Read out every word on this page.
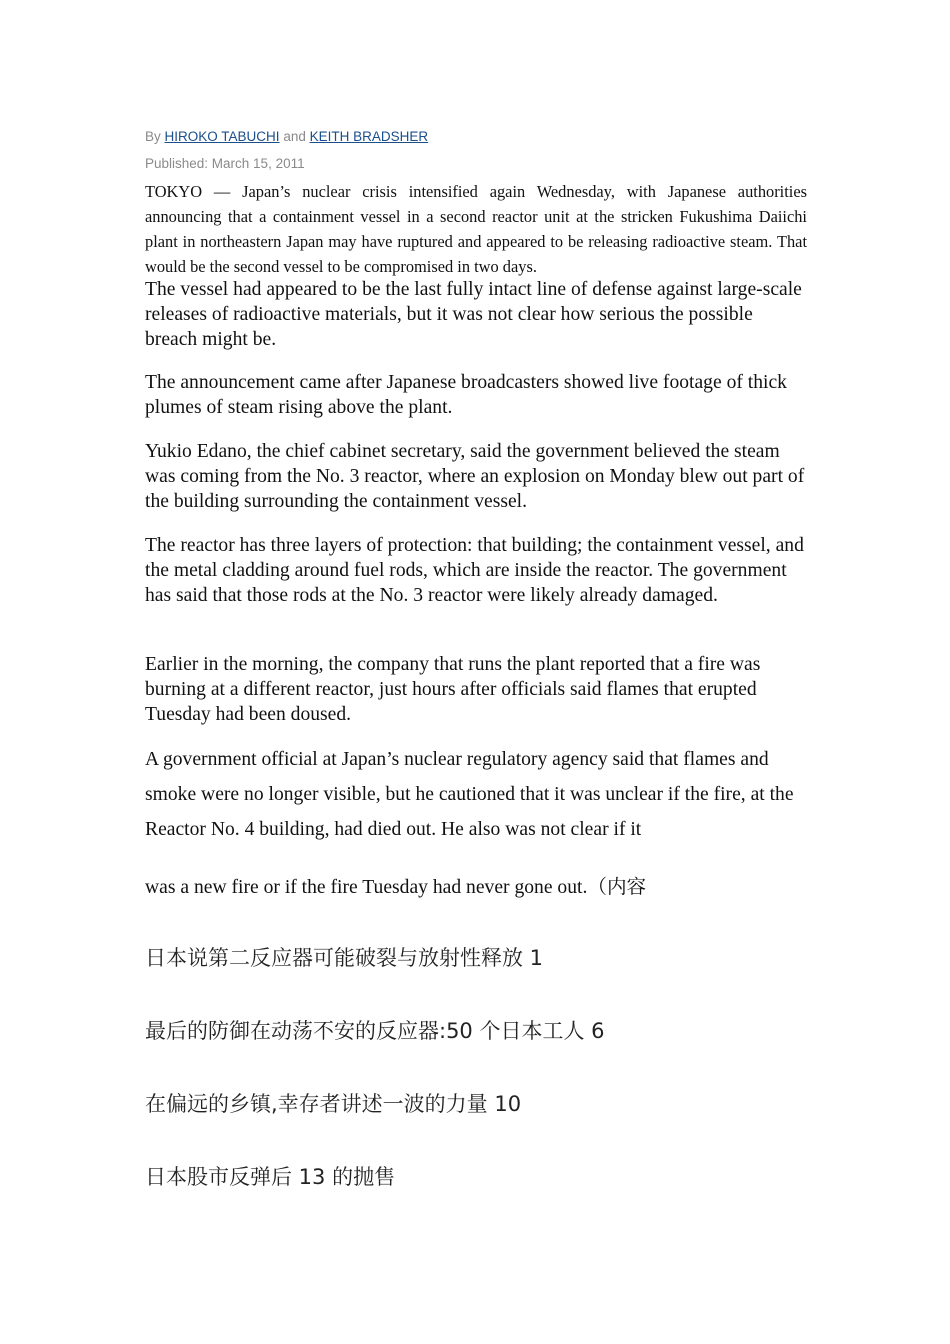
By HIROKO TABUCHI and KEITH BRADSHER
Published: March 15, 2011

TOKYO — Japan’s nuclear crisis intensified again Wednesday, with Japanese authorities announcing that a containment vessel in a second reactor unit at the stricken Fukushima Daiichi plant in northeastern Japan may have ruptured and appeared to be releasing radioactive steam. That would be the second vessel to be compromised in two days.

The vessel had appeared to be the last fully intact line of defense against large-scale releases of radioactive materials, but it was not clear how serious the possible breach might be.

The announcement came after Japanese broadcasters showed live footage of thick plumes of steam rising above the plant.

Yukio Edano, the chief cabinet secretary, said the government believed the steam was coming from the No. 3 reactor, where an explosion on Monday blew out part of the building surrounding the containment vessel.

The reactor has three layers of protection: that building; the containment vessel, and the metal cladding around fuel rods, which are inside the reactor. The government has said that those rods at the No. 3 reactor were likely already damaged.

Earlier in the morning, the company that runs the plant reported that a fire was burning at a different reactor, just hours after officials said flames that erupted Tuesday had been doused.

A government official at Japan’s nuclear regulatory agency said that flames and smoke were no longer visible, but he cautioned that it was unclear if the fire, at the Reactor No. 4 building, had died out. He also was not clear if it

was a new fire or if the fire Tuesday had never gone out.（内容

日本说第二反应器可能破裂与放射性释放 1

最后的防御在动荡不安的反应器:50 个日本工人 6

在偏远的乡镇,幸存者讲述一波的力量 10

日本股市反弹后 13 的抛售
